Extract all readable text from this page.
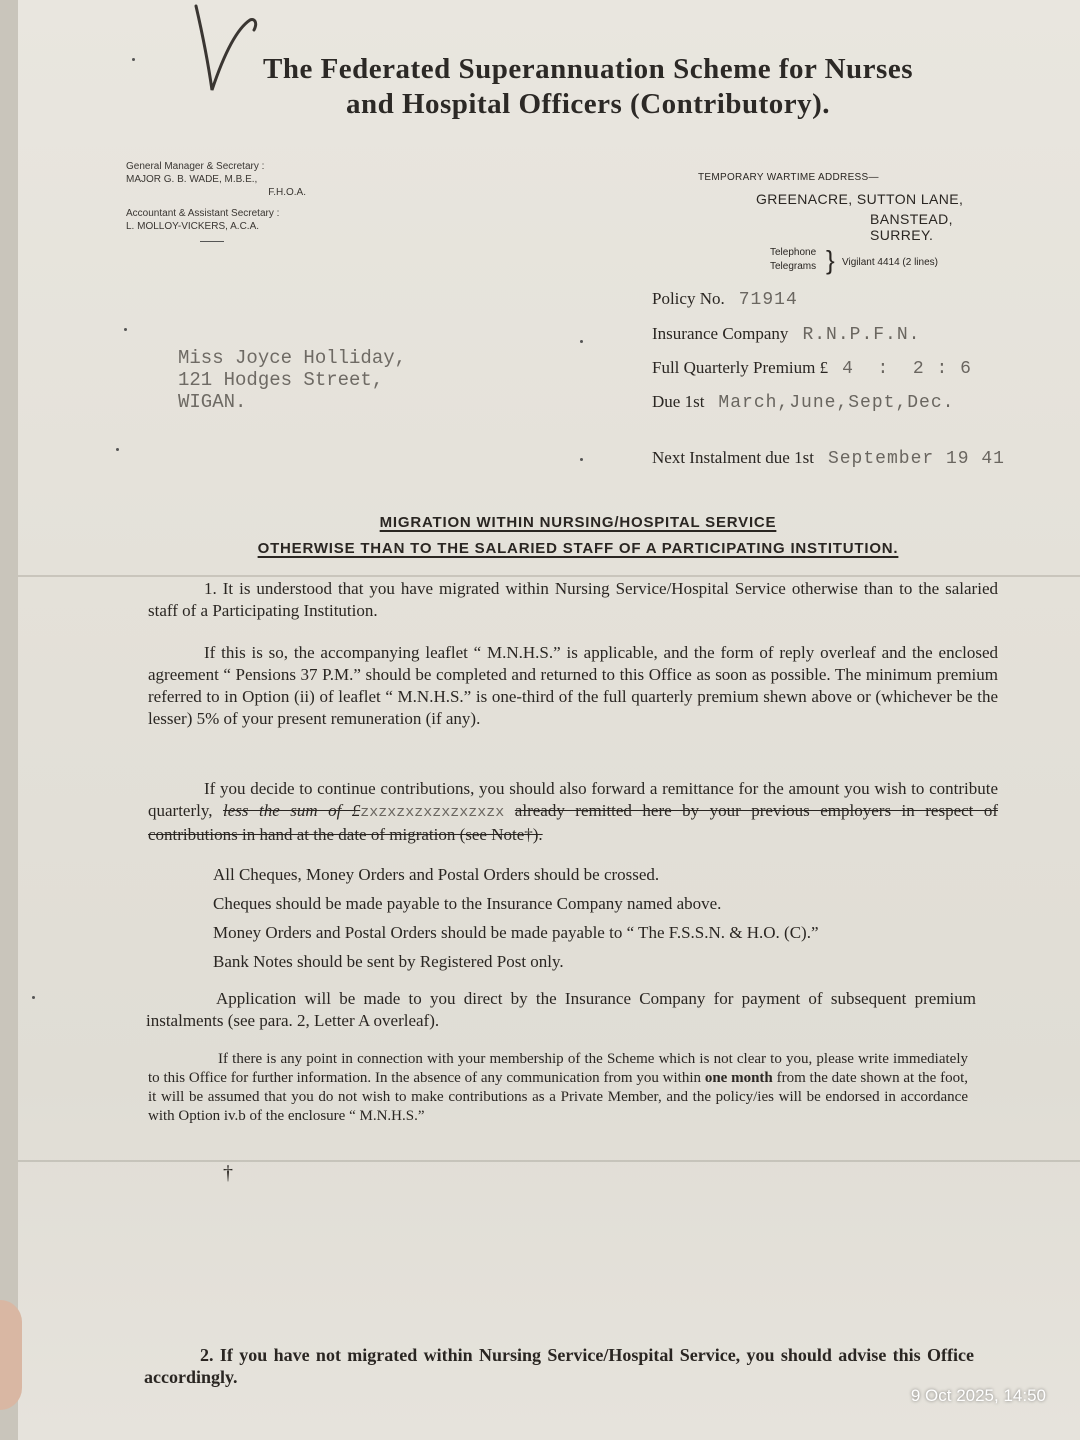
The Federated Superannuation Scheme for Nurses
and Hospital Officers (Contributory).
General Manager & Secretary :
MAJOR G. B. WADE, M.B.E.,
F.H.O.A.
Accountant & Assistant Secretary :
L. MOLLOY-VICKERS, A.C.A.
TEMPORARY WARTIME ADDRESS—
GREENACRE, SUTTON LANE,
BANSTEAD, SURREY.
Telephone
Telegrams } Vigilant 4414 (2 lines)
Policy No. 71914
Insurance Company R.N.P.F.N.
Full Quarterly Premium £ 4  :  2 : 6
Due 1st March,June,Sept,Dec.
Next Instalment due 1st September 19 41
Miss Joyce Holliday,
121 Hodges Street,
WIGAN.
MIGRATION WITHIN NURSING/HOSPITAL SERVICE
OTHERWISE THAN TO THE SALARIED STAFF OF A PARTICIPATING INSTITUTION.
1. It is understood that you have migrated within Nursing Service/Hospital Service otherwise than to the salaried staff of a Participating Institution.
If this is so, the accompanying leaflet “ M.N.H.S.” is applicable, and the form of reply overleaf and the enclosed agreement “ Pensions 37 P.M.” should be completed and returned to this Office as soon as possible. The minimum premium referred to in Option (ii) of leaflet “ M.N.H.S.” is one-third of the full quarterly premium shewn above or (whichever be the lesser) 5% of your present remuneration (if any).
If you decide to continue contributions, you should also forward a remittance for the amount you wish to contribute quarterly, less the sum of £zxzxzxzxzxzxzxzx already remitted here by your previous employers in respect of contributions in hand at the date of migration (see Note†).
All Cheques, Money Orders and Postal Orders should be crossed.
Cheques should be made payable to the Insurance Company named above.
Money Orders and Postal Orders should be made payable to “ The F.S.S.N. & H.O. (C).”
Bank Notes should be sent by Registered Post only.
Application will be made to you direct by the Insurance Company for payment of subsequent premium instalments (see para. 2, Letter A overleaf).
If there is any point in connection with your membership of the Scheme which is not clear to you, please write immediately to this Office for further information. In the absence of any communication from you within one month from the date shown at the foot, it will be assumed that you do not wish to make contributions as a Private Member, and the policy/ies will be endorsed in accordance with Option iv.b of the enclosure “ M.N.H.S.”
†
2. If you have not migrated within Nursing Service/Hospital Service, you should advise this Office accordingly.
9 Oct 2025, 14:50
